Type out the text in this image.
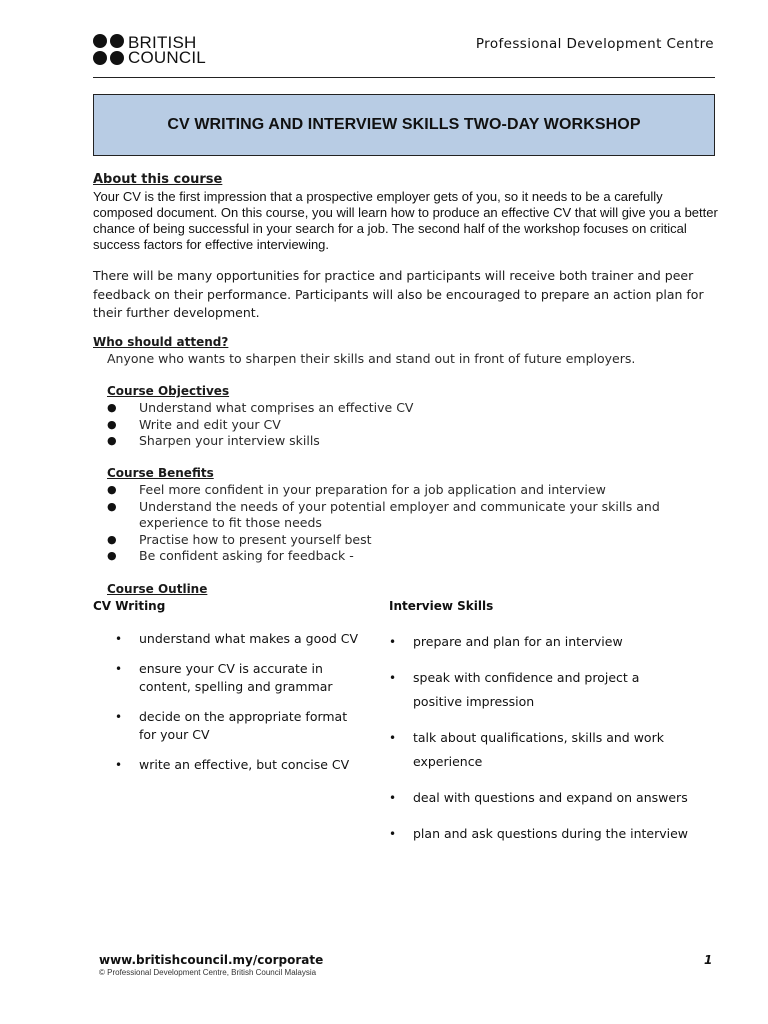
BRITISH
COUNCIL
Professional Development Centre
CV WRITING AND INTERVIEW SKILLS TWO-DAY WORKSHOP
About this course
Your CV is the first impression that a prospective employer gets of you, so it needs to be a carefully composed document. On this course, you will learn how to produce an effective CV that will give you a better chance of being successful in your search for a job. The second half of the workshop focuses on critical success factors for effective interviewing.
There will be many opportunities for practice and participants will receive both trainer and peer feedback on their performance. Participants will also be encouraged to prepare an action plan for their further development.
Who should attend?
Anyone who wants to sharpen their skills and stand out in front of future employers.
Course Objectives
● Understand what comprises an effective CV
● Write and edit your CV
● Sharpen your interview skills
Course Benefits
● Feel more confident in your preparation for a job application and interview
● Understand the needs of your potential employer and communicate your skills and experience to fit those needs
● Practise how to present yourself best
● Be confident asking for feedback -
Course Outline
CV Writing	Interview Skills
• understand what makes a good CV
• ensure your CV is accurate in content, spelling and grammar
• decide on the appropriate format for your CV
• write an effective, but concise CV
• prepare and plan for an interview
• speak with confidence and project a positive impression
• talk about qualifications, skills and work experience
• deal with questions and expand on answers
• plan and ask questions during the interview
www.britishcouncil.my/corporate
© Professional Development Centre, British Council Malaysia
1
